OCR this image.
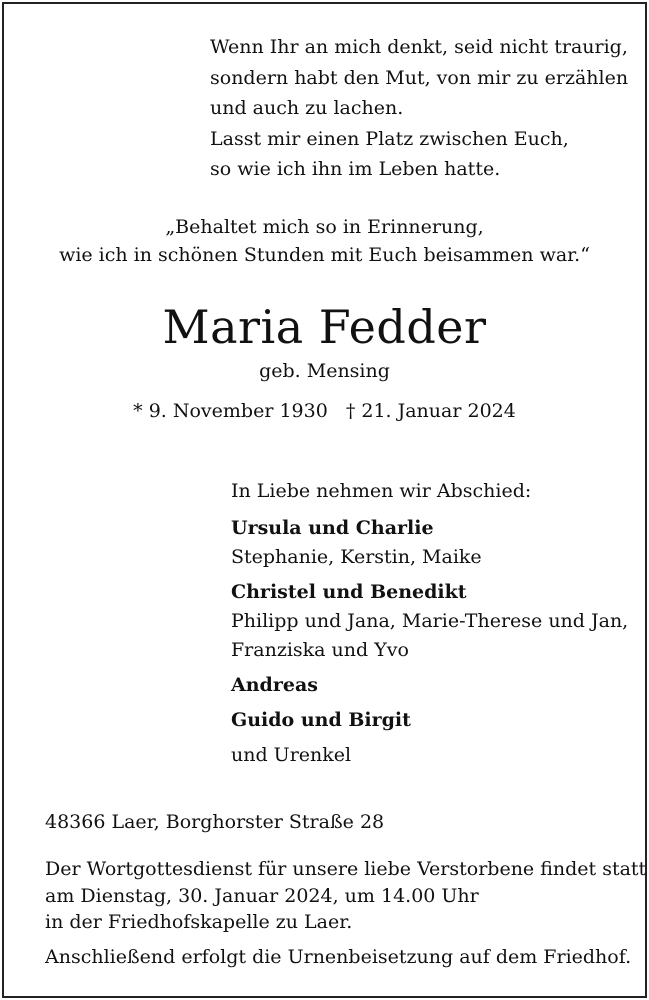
Wenn Ihr an mich denkt, seid nicht traurig,
sondern habt den Mut, von mir zu erzählen
und auch zu lachen.
Lasst mir einen Platz zwischen Euch,
so wie ich ihn im Leben hatte.
„Behaltet mich so in Erinnerung,
wie ich in schönen Stunden mit Euch beisammen war.“
Maria Fedder
geb. Mensing
* 9. November 1930 † 21. Januar 2024
In Liebe nehmen wir Abschied:
Ursula und Charlie
Stephanie, Kerstin, Maike
Christel und Benedikt
Philipp und Jana, Marie-Therese und Jan,
Franziska und Yvo
Andreas
Guido und Birgit
und Urenkel
48366 Laer, Borghorster Straße 28
Der Wortgottesdienst für unsere liebe Verstorbene findet statt
am Dienstag, 30. Januar 2024, um 14.00 Uhr
in der Friedhofskapelle zu Laer.
Anschließend erfolgt die Urnenbeisetzung auf dem Friedhof.
